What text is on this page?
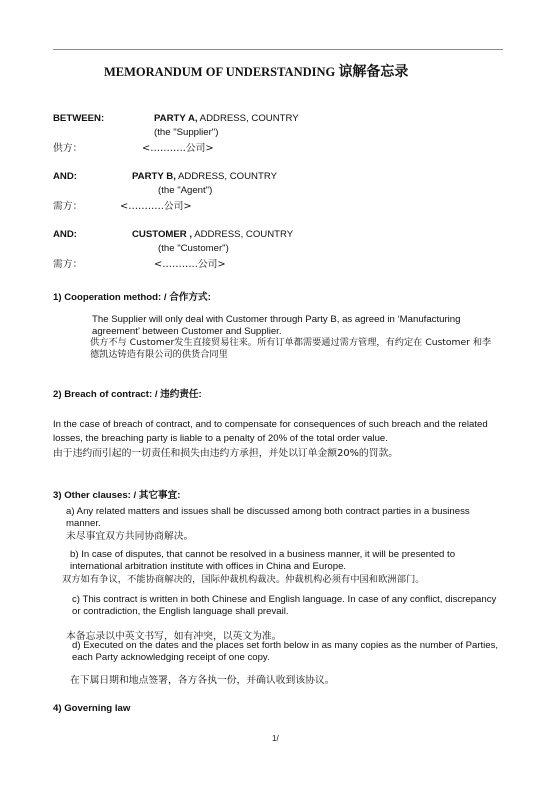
MEMORANDUM OF UNDERSTANDING 谅解备忘录
BETWEEN:	PARTY A, ADDRESS, COUNTRY
(the "Supplier")
供方：	<………..公司>
AND:	PARTY B, ADDRESS, COUNTRY
(the "Agent")
需方：	<………..公司>
AND:	CUSTOMER , ADDRESS, COUNTRY
(the "Customer")
需方：	<………..公司>
1) Cooperation method: / 合作方式:
The Supplier will only deal with Customer through Party B, as agreed in ‘Manufacturing agreement’ between Customer and Supplier.
供方不与 Customer发生直接贸易往来。所有订单都需要通过需方管理，有约定在 Customer 和李德凯达铸造有限公司的供货合同里
2) Breach of contract: / 违约责任:
In the case of breach of contract, and to compensate for consequences of such breach and the related losses, the breaching party is liable to a penalty of 20% of the total order value.
由于违约而引起的一切责任和损失由违约方承担，并处以订单金额20%的罚款。
3) Other clauses: / 其它事宜:
a) Any related matters and issues shall be discussed among both contract parties in a business manner.
未尽事宜双方共同协商解决。
b) In case of disputes, that cannot be resolved in a business manner, it will be presented to international arbitration institute with offices in China and Europe.
双方如有争议，不能协商解决的，国际仲裁机构裁决。仲裁机构必须有中国和欧洲部门。
c) This contract is written in both Chinese and English language. In case of any conflict, discrepancy or contradiction, the English language shall prevail.
本备忘录以中英文书写，如有冲突，以英文为准。
d) Executed on the dates and the places set forth below in as many copies as the number of Parties, each Party acknowledging receipt of one copy.
在下属日期和地点签署，各方各执一份，并确认收到该协议。
4) Governing law
1/
